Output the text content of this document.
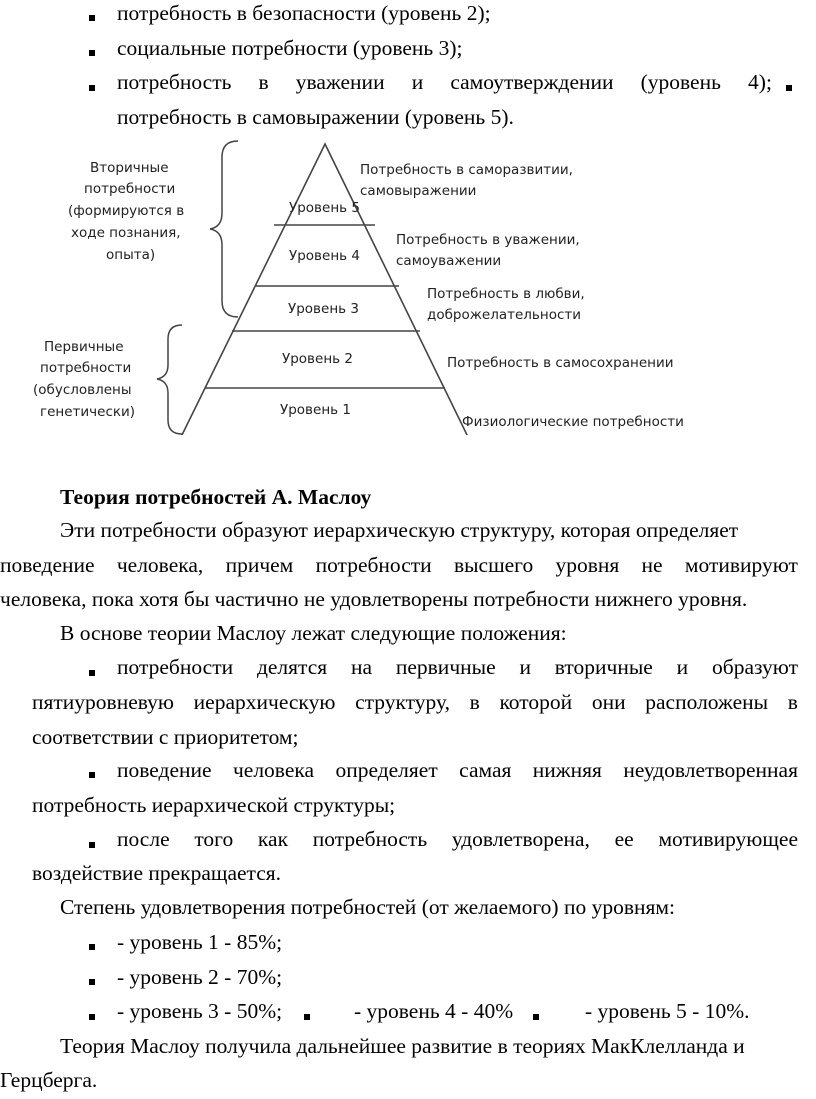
потребность в безопасности (уровень 2);
социальные потребности (уровень 3);
потребность в уважении и самоутверждении (уровень 4);
потребность в самовыражении (уровень 5).
Уровень 5
Уровень 4
Уровень 3
Уровень 2
Уровень 1
Вторичные
потребности
(формируются в
ходе познания,
опыта)
Первичные
потребности
(обусловлены
генетически)
Потребность в саморазвитии,
самовыражении
Потребность в уважении,
самоуважении
Потребность в любви,
доброжелательности
Потребность в самосохранении
Физиологические потребности
Теория потребностей А. Маслоу
Эти потребности образуют иерархическую структуру, которая определяет
поведение человека, причем потребности высшего уровня не мотивируют
человека, пока хотя бы частично не удовлетворены потребности нижнего уровня.
В основе теории Маслоу лежат следующие положения:
потребности делятся на первичные и вторичные и образуют
пятиуровневую иерархическую структуру, в которой они расположены в
соответствии с приоритетом;
поведение человека определяет самая нижняя неудовлетворенная
потребность иерархической структуры;
после того как потребность удовлетворена, ее мотивирующее
воздействие прекращается.
Степень удовлетворения потребностей (от желаемого) по уровням:
- уровень 1 - 85%;
- уровень 2 - 70%;
- уровень 3 - 50%;	- уровень 4 - 40%	- уровень 5 - 10%.
Теория Маслоу получила дальнейшее развитие в теориях МакКлелланда и
Герцберга.
